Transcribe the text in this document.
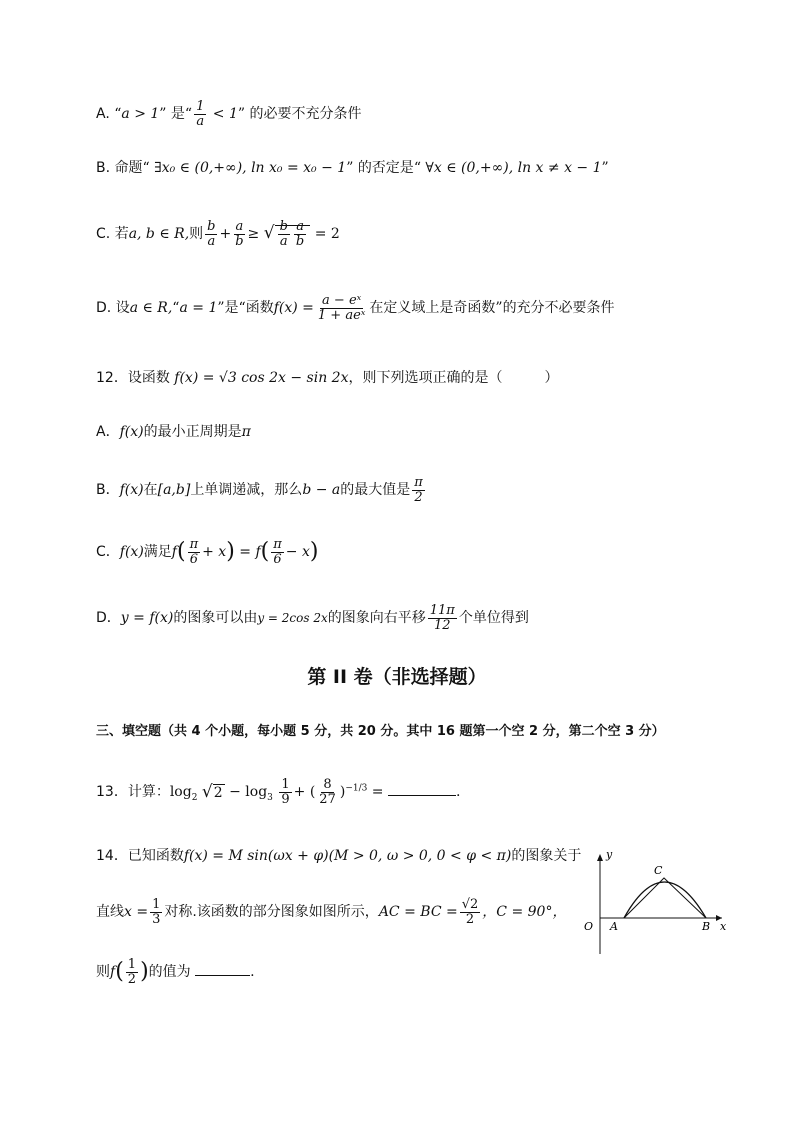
A. “a > 1” 是“ $\frac{1}{a} < 1$” 的必要不充分条件
B. 命题“ ∃x₀ ∈ (0,+∞), ln x₀ = x₀ − 1” 的否定是“ ∀x ∈ (0,+∞), ln x ≠ x − 1”
C. 若a, b ∈ R,则 $\frac{b}{a} + \frac{a}{b}$ ≥ √ $\frac{b}{a} \frac{a}{b} = 2$
D. 设a ∈ R,“a = 1”是“函数$f(x) = \frac{\text{a − eˣ}}{\text{1 + aeˣ}}$ 在定义域上是奇函数”的充分不必要条件
12．设函数 f(x) = √3 cos 2x − sin 2x，则下列选项正确的是（　　　）
A．f(x)的最小正周期是π
B．f(x)在[a,b]上单调递减，那么b − a的最大值是 $\frac{\pi}{2}$
C．f(x)满足$f( \frac{\pi}{6} + x) = f( \frac{\pi}{6} - x)$
D．y = f(x)的图象可以由y = 2cos 2x的图象向右平移 $\frac{11\pi}{12}$ 个单位得到
第 II 卷（非选择题）
三、填空题（共 4 个小题，每小题 5 分，共 20 分。其中 16 题第一个空 2 分，第二个空 3 分）
13．计算：$\log_2 √2 - \log_3 \frac{1}{9}$ + ( $\frac{8}{27} )^{-1/3}$ =	.
14．已知函数f(x) = M sin(ωx + φ)(M > 0, ω > 0, 0 < φ < π)的图象关于
直线$x = \frac{1}{3}$ 对称.该函数的部分图象如图所示，AC = BC = $\frac{√2}{2}$ ，C = 90°，
则$f( \frac{1}{2}$ )的值为	.
y
x
O A	B
C
